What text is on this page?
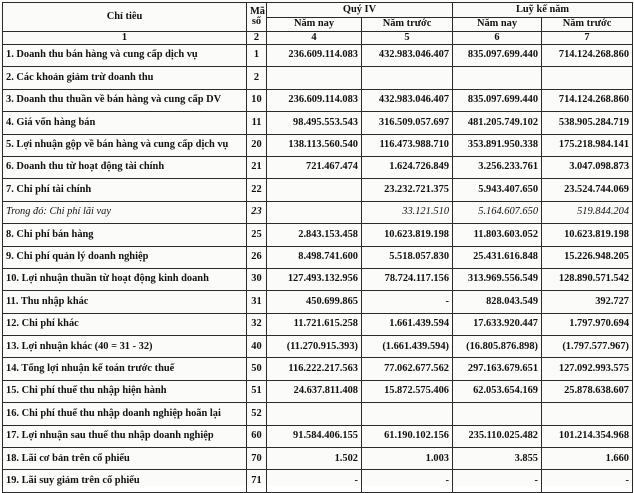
Chỉ tiêu	Mã
số	Quý IV		Luỹ kế năm	
		Năm nay	Năm trước	Năm nay	Năm trước
1	2	4	5	6	7
1. Doanh thu bán hàng và cung cấp dịch vụ	1	236.609.114.083	432.983.046.407	835.097.699.440	714.124.268.860
2. Các khoản giảm trừ doanh thu	2				
3. Doanh thu thuần về bán hàng và cung cấp DV	10	236.609.114.083	432.983.046.407	835.097.699.440	714.124.268.860
4. Giá vốn hàng bán	11	98.495.553.543	316.509.057.697	481.205.749.102	538.905.284.719
5. Lợi nhuận gộp về bán hàng và cung cấp dịch vụ	20	138.113.560.540	116.473.988.710	353.891.950.338	175.218.984.141
6. Doanh thu từ hoạt động tài chính	21	721.467.474	1.624.726.849	3.256.233.761	3.047.098.873
7. Chi phí tài chính	22		23.232.721.375	5.943.407.650	23.524.744.069
Trong đó: Chi phí lãi vay	23		33.121.510	5.164.607.650	519.844.204
8. Chi phí bán hàng	25	2.843.153.458	10.623.819.198	11.803.603.052	10.623.819.198
9. Chi phí quản lý doanh nghiệp	26	8.498.741.600	5.518.057.830	25.431.616.848	15.226.948.205
10. Lợi nhuận thuần từ hoạt động kinh doanh	30	127.493.132.956	78.724.117.156	313.969.556.549	128.890.571.542
11. Thu nhập khác	31	450.699.865	-	828.043.549	392.727
12. Chi phí khác	32	11.721.615.258	1.661.439.594	17.633.920.447	1.797.970.694
13. Lợi nhuận khác (40 = 31 - 32)	40	(11.270.915.393)	(1.661.439.594)	(16.805.876.898)	(1.797.577.967)
14. Tổng lợi nhuận kế toán trước thuế	50	116.222.217.563	77.062.677.562	297.163.679.651	127.092.993.575
15. Chi phí thuế thu nhập hiện hành	51	24.637.811.408	15.872.575.406	62.053.654.169	25.878.638.607
16. Chi phí thuế thu nhập doanh nghiệp hoãn lại	52				
17. Lợi nhuận sau thuế thu nhập doanh nghiệp	60	91.584.406.155	61.190.102.156	235.110.025.482	101.214.354.968
18. Lãi cơ bản trên cổ phiếu	70	1.502	1.003	3.855	1.660
19. Lãi suy giảm trên cổ phiếu	71	-	-	-	-
